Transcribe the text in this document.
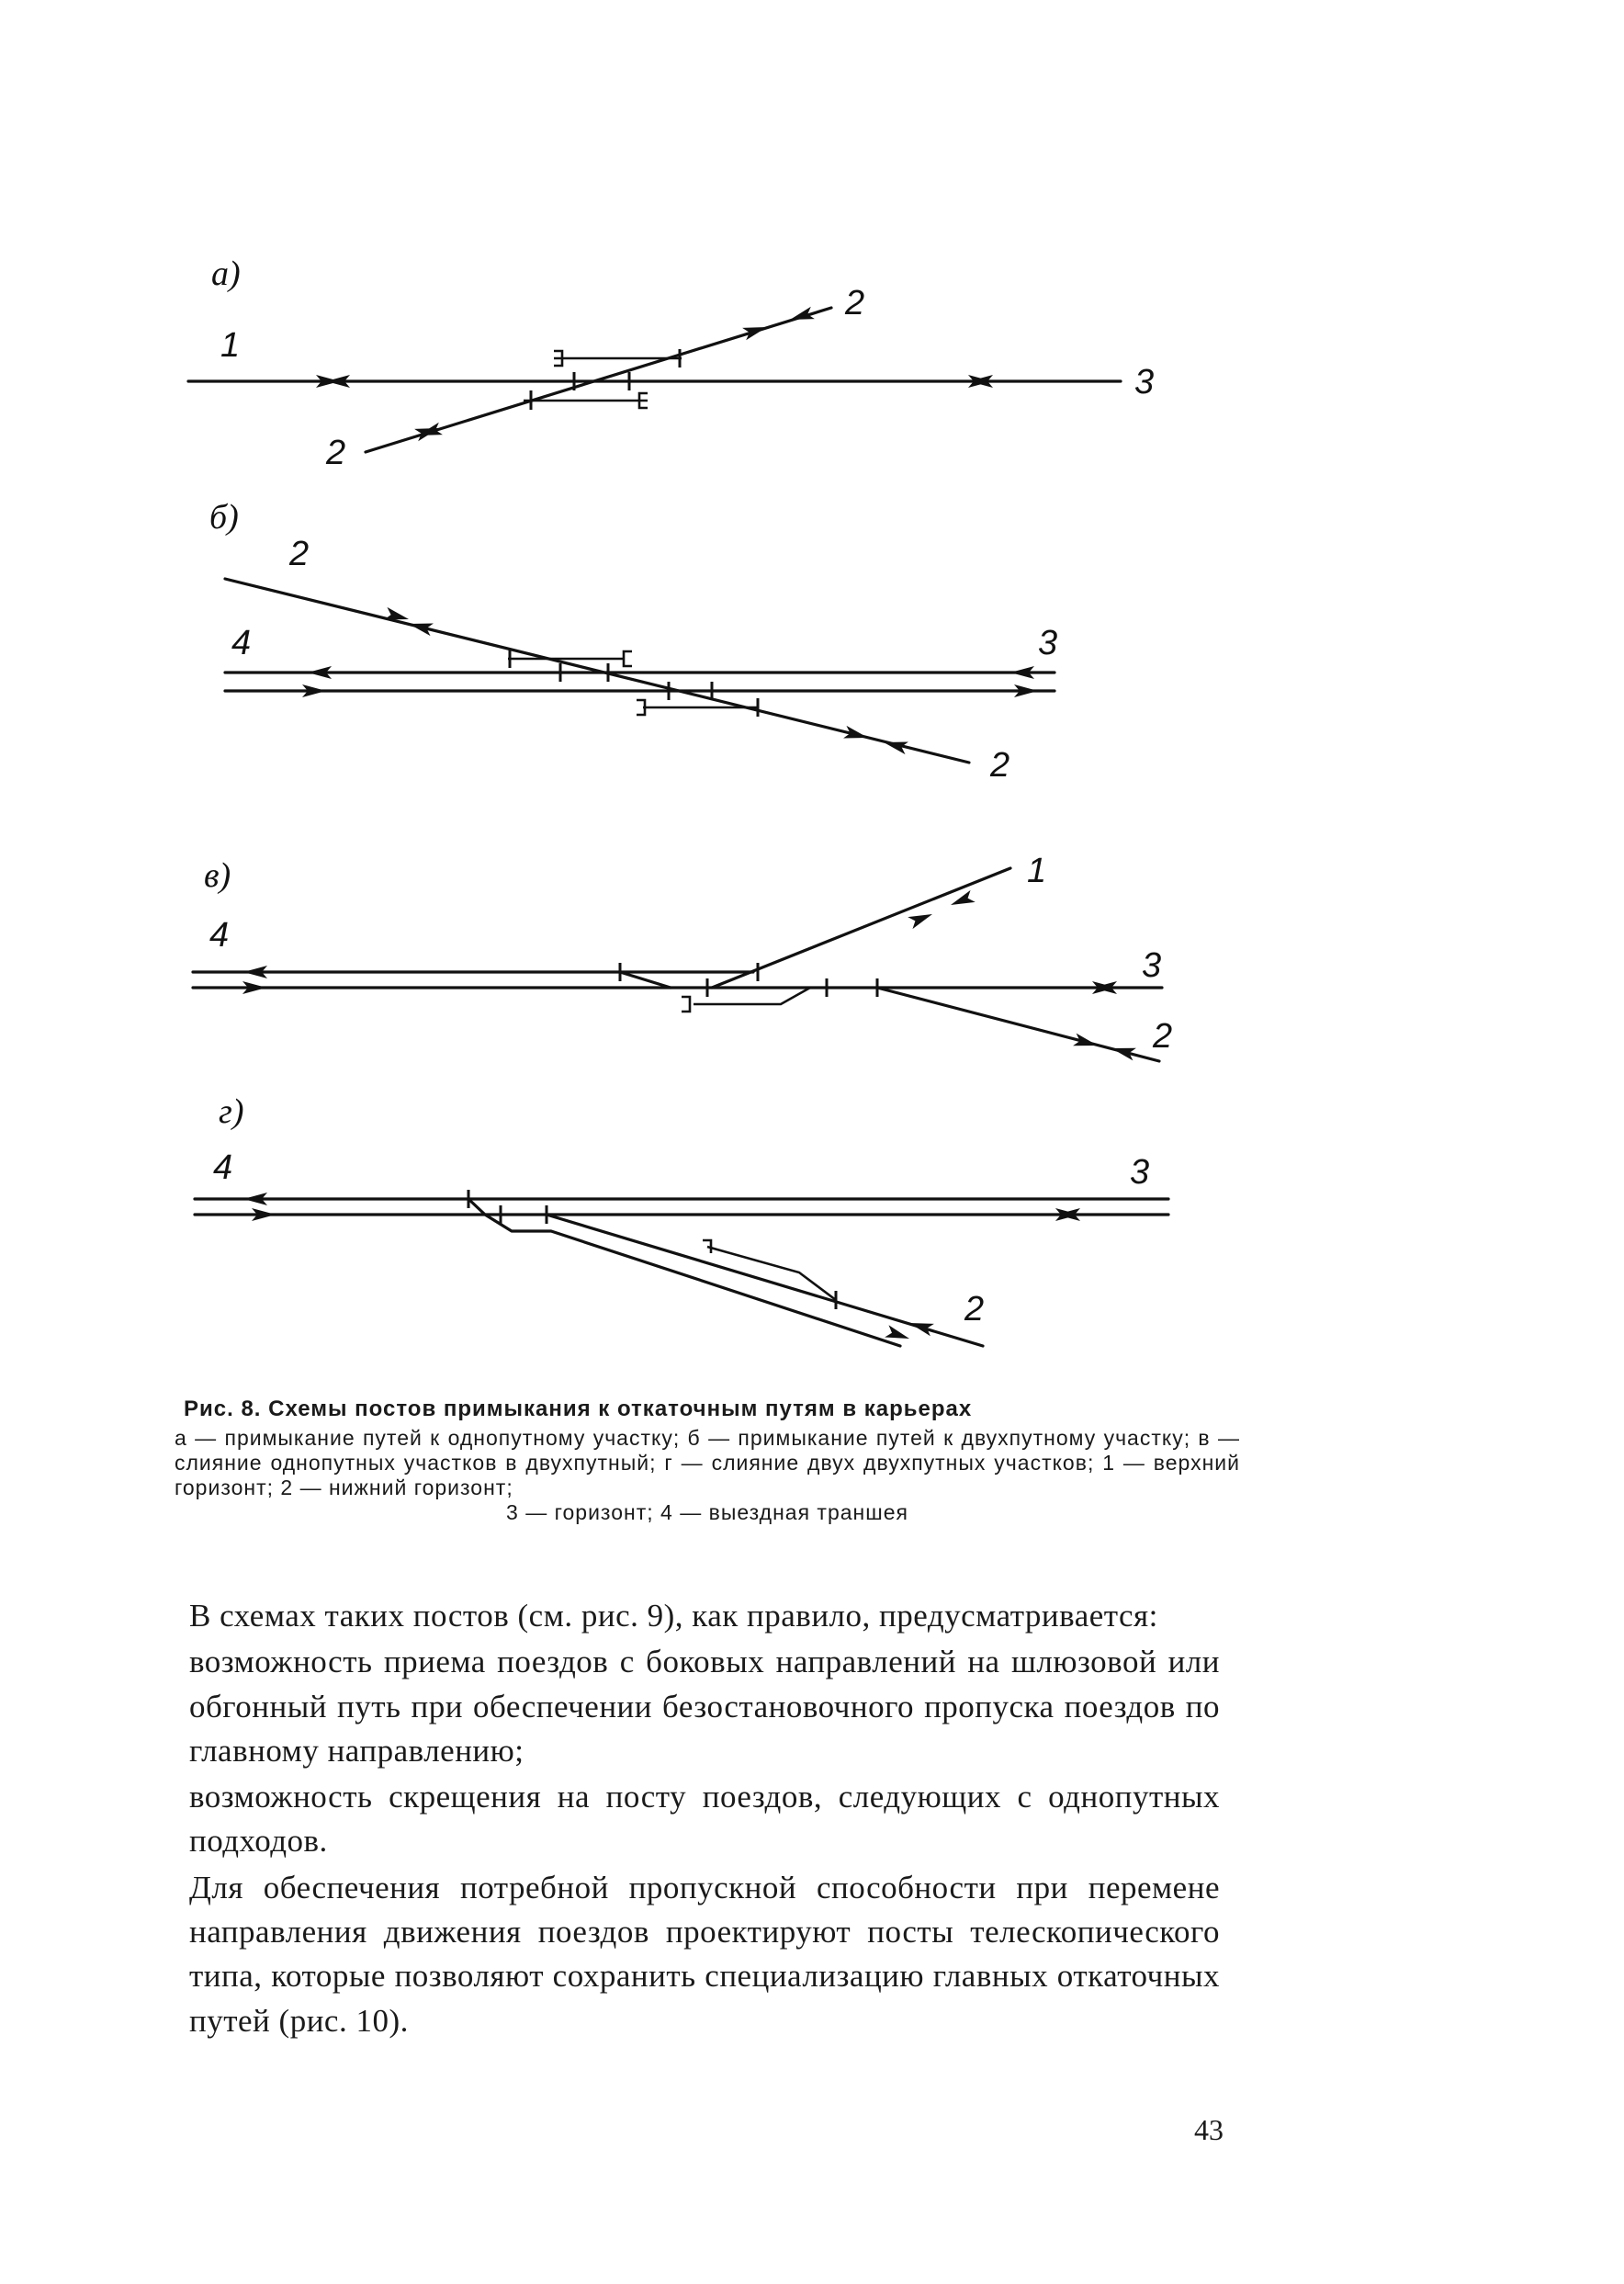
а)
1
2
2
3
б)
2
4	3
2
в)	1
4
3
2
г)
4	3
2
Рис. 8. Схемы постов примыкания к откаточным путям в карьерах
а — примыкание путей к однопутному участку; б — примыкание путей к двухпутному участку; в — слияние однопутных участков в двухпутный; г — слияние двух двухпутных участков; 1 — верхний горизонт; 2 — нижний горизонт;
3 — горизонт; 4 — выездная траншея

В схемах таких постов (см. рис. 9), как правило, предусматривается:

возможность приема поездов с боковых направлений на шлюзовой или обгонный путь при обеспечении безостановочного пропуска поездов по главному направлению;

возможность скрещения на посту поездов, следующих с однопутных подходов.

Для обеспечения потребной пропускной способности при перемене направления движения поездов проектируют посты телескопического типа, которые позволяют сохранить специализацию главных откаточных путей (рис. 10).

43
